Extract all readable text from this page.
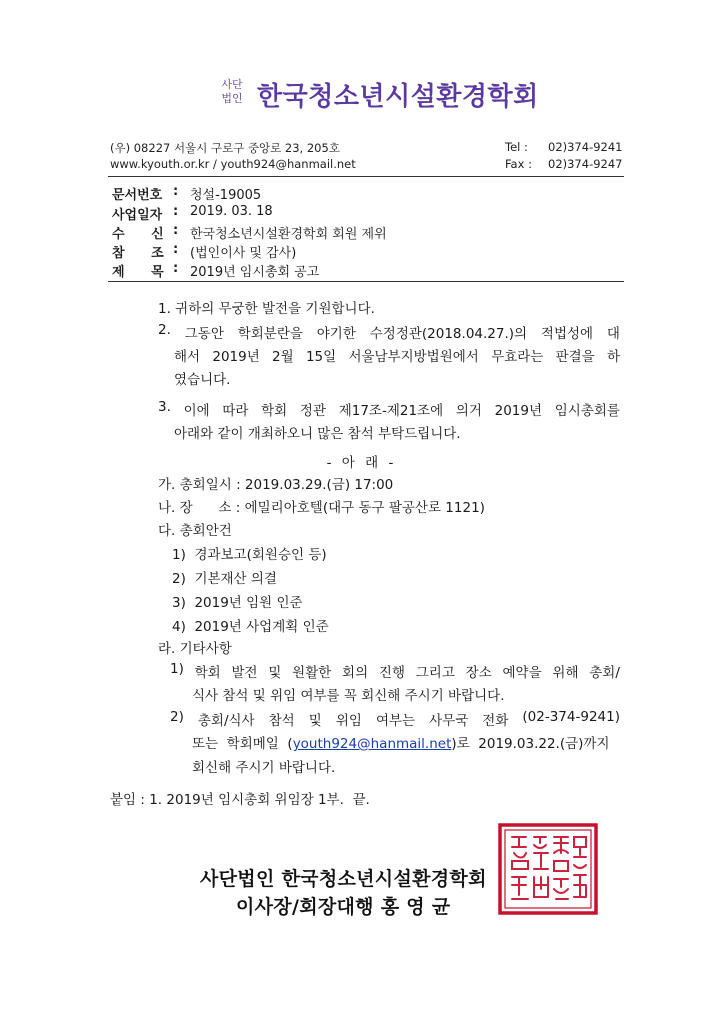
사단
법인 한국청소년시설환경학회
(우) 08227 서울시 구로구 중앙로 23, 205호
www.kyouth.or.kr / youth924@hanmail.net
Tel : 02)374-9241
Fax : 02)374-9247
문서번호 : 청설-19005
사업일자 : 2019. 03. 18
수 신 : 한국청소년시설환경학회 회원 제위
참 조 : (법인이사 및 감사)
제 목 : 2019년 임시총회 공고
1. 귀하의 무궁한 발전을 기원합니다.
2. 그동안 학회분란을 야기한 수정정관(2018.04.27.)의 적법성에 대
해서 2019년 2월 15일 서울남부지방법원에서 무효라는 판결을 하
였습니다.
3. 이에 따라 학회 정관 제17조-제21조에 의거 2019년 임시총회를
아래와 같이 개최하오니 많은 참석 부탁드립니다.
- 아 래 -
가. 총회일시 : 2019.03.29.(금) 17:00
나. 장      소 : 에밀리아호텔(대구 동구 팔공산로 1121)
다. 총회안건
1)  경과보고(회원승인 등)
2)  기본재산 의결
3)  2019년 임원 인준
4)  2019년 사업계획 인준
라. 기타사항
1) 학회 발전 및 원활한 회의 진행 그리고 장소 예약을 위해 총회/
식사 참석 및 위임 여부를 꼭 회신해 주시기 바랍니다.
2) 총회/식사 참석 및 위임 여부는 사무국 전화 (02-374-9241)
또는  학회메일  (youth924@hanmail.net)로  2019.03.22.(금)까지
회신해 주시기 바랍니다.
붙임 : 1. 2019년 임시총회 위임장 1부.  끝.
사단법인 한국청소년시설환경학회
이사장/회장대행 홍 영 균
